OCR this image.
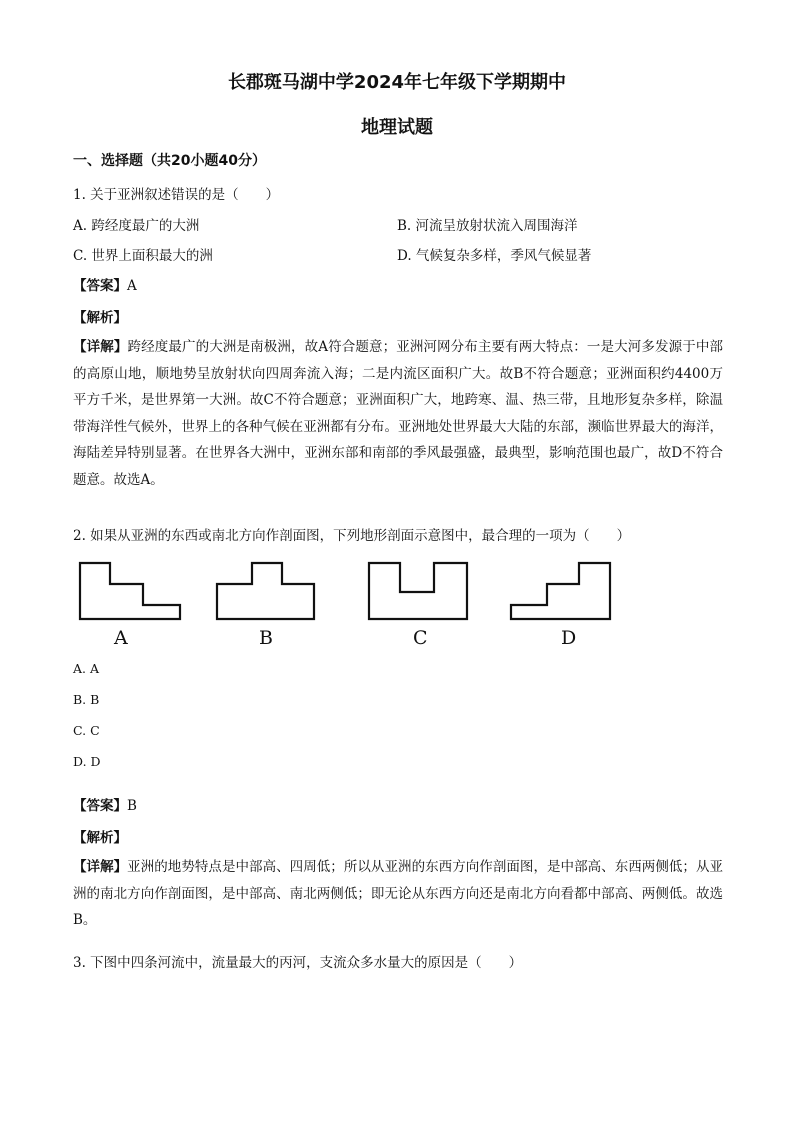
长郡斑马湖中学2024年七年级下学期期中
地理试题
一、选择题（共20小题40分）
1. 关于亚洲叙述错误的是（　　）
A. 跨经度最广的大洲	B. 河流呈放射状流入周围海洋
C. 世界上面积最大的洲	D. 气候复杂多样，季风气候显著
【答案】A
【解析】
【详解】跨经度最广的大洲是南极洲，故A符合题意；亚洲河网分布主要有两大特点：一是大河多发源于中部的高原山地，顺地势呈放射状向四周奔流入海；二是内流区面积广大。故B不符合题意；亚洲面积约4400万平方千米，是世界第一大洲。故C不符合题意；亚洲面积广大，地跨寒、温、热三带，且地形复杂多样，除温带海洋性气候外，世界上的各种气候在亚洲都有分布。亚洲地处世界最大大陆的东部，濒临世界最大的海洋，海陆差异特别显著。在世界各大洲中，亚洲东部和南部的季风最强盛，最典型，影响范围也最广，故D不符合题意。故选A。
2. 如果从亚洲的东西或南北方向作剖面图，下列地形剖面示意图中，最合理的一项为（　　）
A	B	C	D
A. A
B. B
C. C
D. D
【答案】B
【解析】
【详解】亚洲的地势特点是中部高、四周低；所以从亚洲的东西方向作剖面图，是中部高、东西两侧低；从亚洲的南北方向作剖面图，是中部高、南北两侧低；即无论从东西方向还是南北方向看都中部高、两侧低。故选B。
3. 下图中四条河流中，流量最大的丙河，支流众多水量大的原因是（　　）
